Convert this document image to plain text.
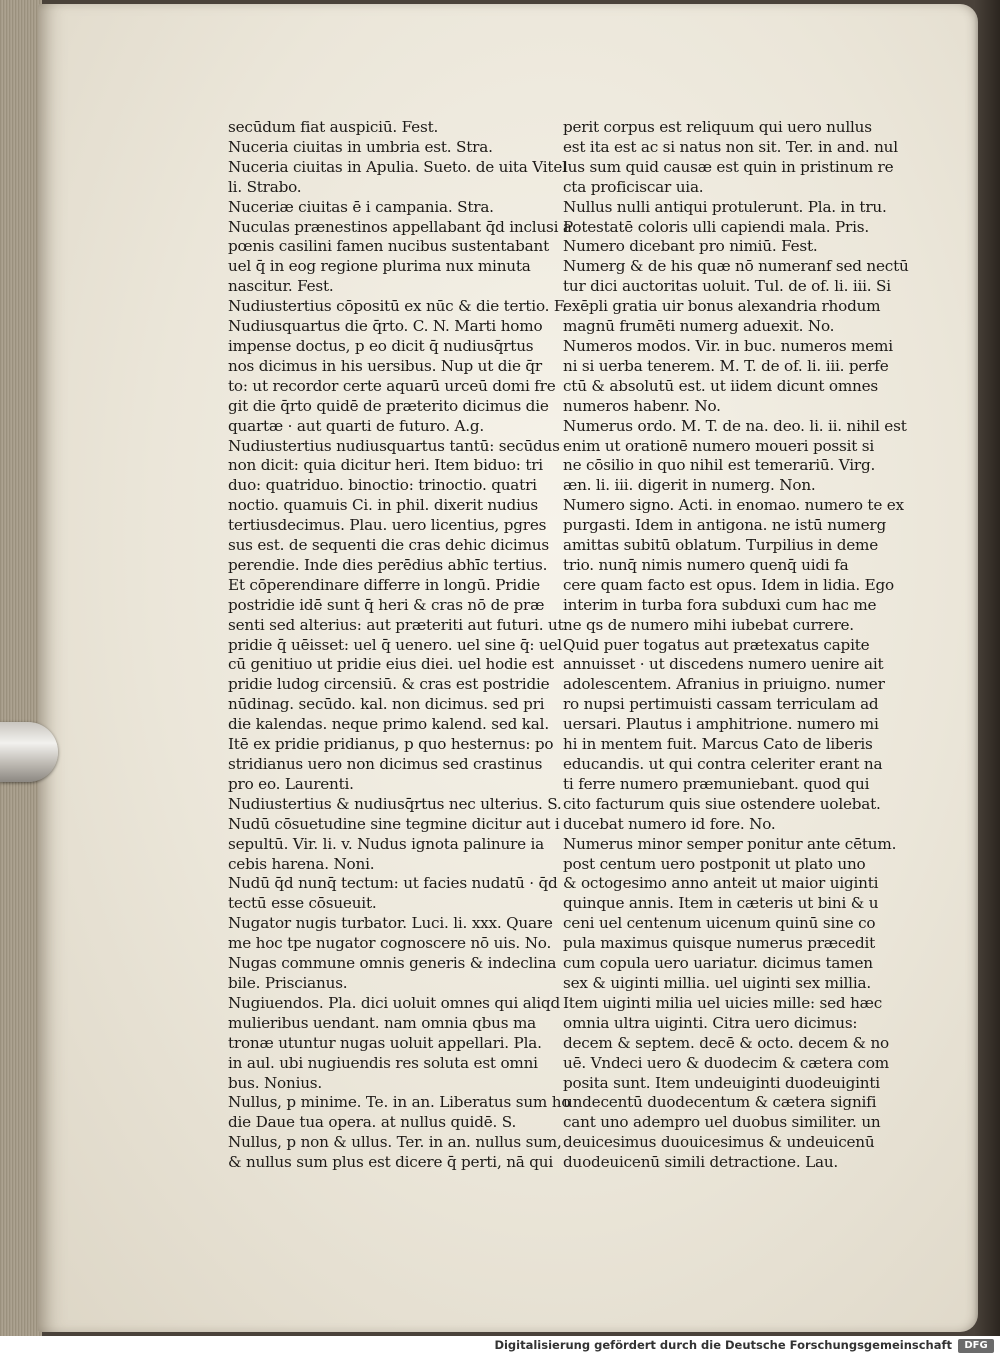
secūdum fiat auspiciū. Fest.
Nuceria ciuitas in umbria est. Stra.
Nuceria ciuitas in Apulia. Sueto. de uita Vitel
li. Strabo.
Nuceriæ ciuitas ē i campania. Stra.
Nuculas prænestinos appellabant q̄d inclusi a
pœnis casilini famen nucibus sustentabant
uel q̄ in eog regione plurima nux minuta
nascitur. Fest.
Nudiustertius cōpositū ex nūc & die tertio. F.
Nudiusquartus die q̄rto. C. N. Marti homo
impense doctus, p eo dicit q̄ nudiusq̄rtus
nos dicimus in his uersibus. Nup ut die q̄r
to: ut recordor certe aquarū urceū domi fre
git die q̄rto quidē de præterito dicimus die
quartæ · aut quarti de futuro. A.g.
Nudiustertius nudiusquartus tantū: secūdus
non dicit: quia dicitur heri. Item biduo: tri
duo: quatriduo. binoctio: trinoctio. quatri
noctio. quamuis Ci. in phil. dixerit nudius
tertiusdecimus. Plau. uero licentius, pgres
sus est. de sequenti die cras dehic dicimus
perendie. Inde dies perēdius abhīc tertius.
Et cōperendinare differre in longū. Pridie
postridie idē sunt q̄ heri & cras nō de præ
senti sed alterius: aut præteriti aut futuri. ut
pridie q̄ uēisset: uel q̄ uenero. uel sine q̄: uel
cū genitiuo ut pridie eius diei. uel hodie est
pridie ludog circensiū. & cras est postridie
nūdinag. secūdo. kal. non dicimus. sed pri
die kalendas. neque primo kalend. sed kal.
Itē ex pridie pridianus, p quo hesternus: po
stridianus uero non dicimus sed crastinus
pro eo. Laurenti.
Nudiustertius & nudiusq̄rtus nec ulterius. S.
Nudū cōsuetudine sine tegmine dicitur aut i
sepultū. Vir. li. v. Nudus ignota palinure ia
cebis harena. Noni.
Nudū q̄d nunq̄ tectum: ut facies nudatū · q̄d
tectū esse cōsueuit.
Nugator nugis turbator. Luci. li. xxx. Quare
me hoc tpe nugator cognoscere nō uis. No.
Nugas commune omnis generis & indeclina
bile. Priscianus.
Nugiuendos. Pla. dici uoluit omnes qui aliqd
mulieribus uendant. nam omnia qbus ma
tronæ utuntur nugas uoluit appellari. Pla.
in aul. ubi nugiuendis res soluta est omni
bus. Nonius.
Nullus, p minime. Te. in an. Liberatus sum ho
die Daue tua opera. at nullus quidē. S.
Nullus, p non & ullus. Ter. in an. nullus sum,
& nullus sum plus est dicere q̄ perti, nā qui
perit corpus est reliquum qui uero nullus
est ita est ac si natus non sit. Ter. in and. nul
lus sum quid causæ est quin in pristinum re
cta proficiscar uia.
Nullus nulli antiqui protulerunt. Pla. in tru.
Potestatē coloris ulli capiendi mala. Pris.
Numero dicebant pro nimiū. Fest.
Numerg & de his quæ nō numeranf sed nectū
tur dici auctoritas uoluit. Tul. de of. li. iii. Si
exēpli gratia uir bonus alexandria rhodum
magnū frumēti numerg aduexit. No.
Numeros modos. Vir. in buc. numeros memi
ni si uerba tenerem. M. T. de of. li. iii. perfe
ctū & absolutū est. ut iidem dicunt omnes
numeros habenr. No.
Numerus ordo. M. T. de na. deo. li. ii. nihil est
enim ut orationē numero moueri possit si
ne cōsilio in quo nihil est temerariū. Virg.
æn. li. iii. digerit in numerg. Non.
Numero signo. Acti. in enomao. numero te ex
purgasti. Idem in antigona. ne istū numerg
amittas subitū oblatum. Turpilius in deme
trio. nunq̄ nimis numero quenq̄ uidi fa
cere quam facto est opus. Idem in lidia. Ego
interim in turba fora subduxi cum hac me
ne qs de numero mihi iubebat currere.
Quid puer togatus aut prætexatus capite
annuisset · ut discedens numero uenire ait
adolescentem. Afranius in priuigno. numer
ro nupsi pertimuisti cassam terriculam ad
uersari. Plautus i amphitrione. numero mi
hi in mentem fuit. Marcus Cato de liberis
educandis. ut qui contra celeriter erant na
ti ferre numero præmuniebant. quod qui
cito facturum quis siue ostendere uolebat.
ducebat numero id fore. No.
Numerus minor semper ponitur ante cētum.
post centum uero postponit ut plato uno
& octogesimo anno anteit ut maior uiginti
quinque annis. Item in cæteris ut bini & u
ceni uel centenum uicenum quinū sine co
pula maximus quisque numerus præcedit
cum copula uero uariatur. dicimus tamen
sex & uiginti millia. uel uiginti sex millia.
Item uiginti milia uel uicies mille: sed hæc
omnia ultra uiginti. Citra uero dicimus:
decem & septem. decē & octo. decem & no
uē. Vndeci uero & duodecim & cætera com
posita sunt. Item undeuiginti duodeuiginti
undecentū duodecentum & cætera signifi
cant uno adempro uel duobus similiter. un
deuicesimus duouicesimus & undeuicenū
duodeuicenū simili detractione. Lau.
Digitalisierung gefördert durch die Deutsche Forschungsgemeinschaft	DFG
